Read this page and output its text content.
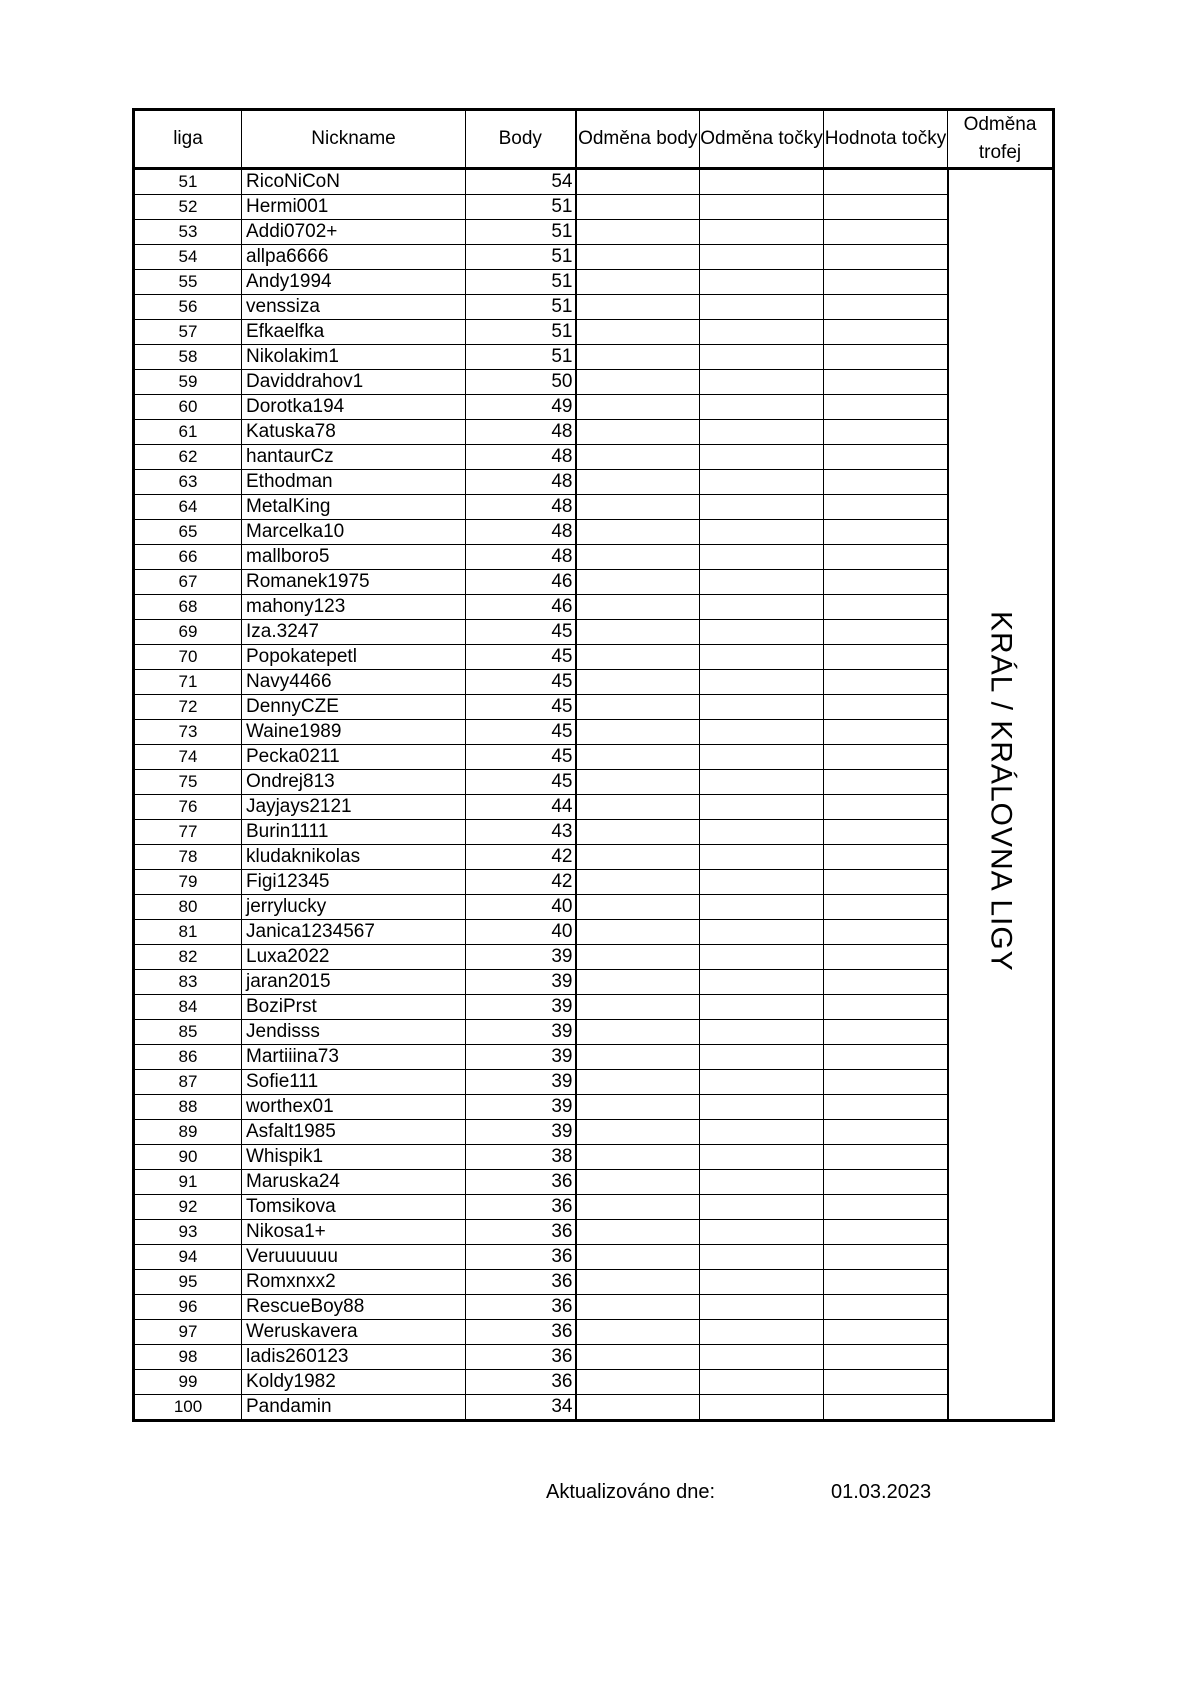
liga	Nickname	Body	Odměna body	Odměna točky	Hodnota točky	Odměna trofej
51	RicoNiCoN	54				KRÁL / KRÁLOVNA LIGY
52	Hermi001	51				
53	Addi0702+	51				
54	allpa6666	51				
55	Andy1994	51				
56	venssiza	51				
57	Efkaelfka	51				
58	Nikolakim1	51				
59	Daviddrahov1	50				
60	Dorotka194	49				
61	Katuska78	48				
62	hantaurCz	48				
63	Ethodman	48				
64	MetalKing	48				
65	Marcelka10	48				
66	mallboro5	48				
67	Romanek1975	46				
68	mahony123	46				
69	Iza.3247	45				
70	Popokatepetl	45				
71	Navy4466	45				
72	DennyCZE	45				
73	Waine1989	45				
74	Pecka0211	45				
75	Ondrej813	45				
76	Jayjays2121	44				
77	Burin1111	43				
78	kludaknikolas	42				
79	Figi12345	42				
80	jerrylucky	40				
81	Janica1234567	40				
82	Luxa2022	39				
83	jaran2015	39				
84	BoziPrst	39				
85	Jendisss	39				
86	Martiiina73	39				
87	Sofie111	39				
88	worthex01	39				
89	Asfalt1985	39				
90	Whispik1	38				
91	Maruska24	36				
92	Tomsikova	36				
93	Nikosa1+	36				
94	Veruuuuuu	36				
95	Romxnxx2	36				
96	RescueBoy88	36				
97	Weruskavera	36				
98	ladis260123	36				
99	Koldy1982	36				
100	Pandamin	34				
Aktualizováno dne:	01.03.2023
